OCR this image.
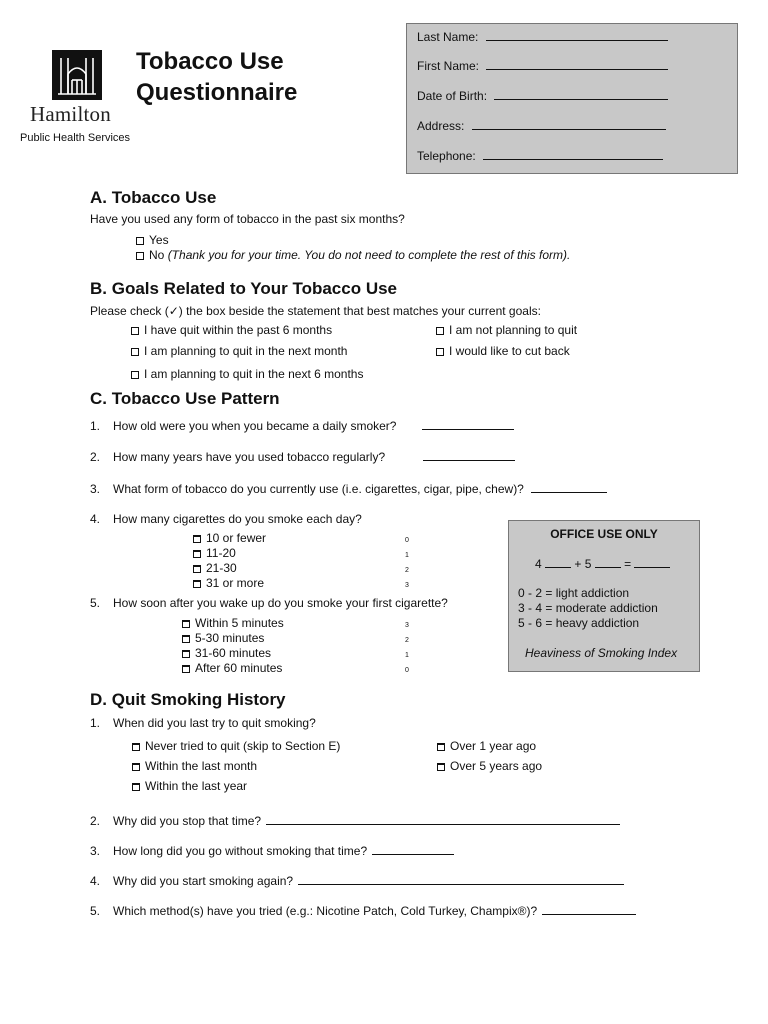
Hamilton
Public Health Services
Tobacco Use
Questionnaire
Last Name:
First Name:
Date of Birth:
Address:
Telephone:
A. Tobacco Use
Have you used any form of tobacco in the past six months?
Yes
No (Thank you for your time. You do not need to complete the rest of this form).
B. Goals Related to Your Tobacco Use
Please check (✓) the box beside the statement that best matches your current goals:
I have quit within the past 6 months	I am not planning to quit
I am planning to quit in the next month	I would like to cut back
I am planning to quit in the next 6 months
C. Tobacco Use Pattern
1. How old were you when you became a daily smoker?
2. How many years have you used tobacco regularly?
3. What form of tobacco do you currently use (i.e. cigarettes, cigar, pipe, chew)?
4. How many cigarettes do you smoke each day?
10 or fewer	0
11-20	1
21-30	2
31 or more	3
5. How soon after you wake up do you smoke your first cigarette?
Within 5 minutes	3
5-30 minutes	2
31-60 minutes	1
After 60 minutes	0
OFFICE USE ONLY
4	+ 5	=
0 - 2 = light addiction
3 - 4 = moderate addiction
5 - 6 = heavy addiction
Heaviness of Smoking Index
D. Quit Smoking History
1. When did you last try to quit smoking?
Never tried to quit (skip to Section E)	Over 1 year ago
Within the last month	Over 5 years ago
Within the last year
2. Why did you stop that time?
3. How long did you go without smoking that time?
4. Why did you start smoking again?
5. Which method(s) have you tried (e.g.: Nicotine Patch, Cold Turkey, Champix®)?
